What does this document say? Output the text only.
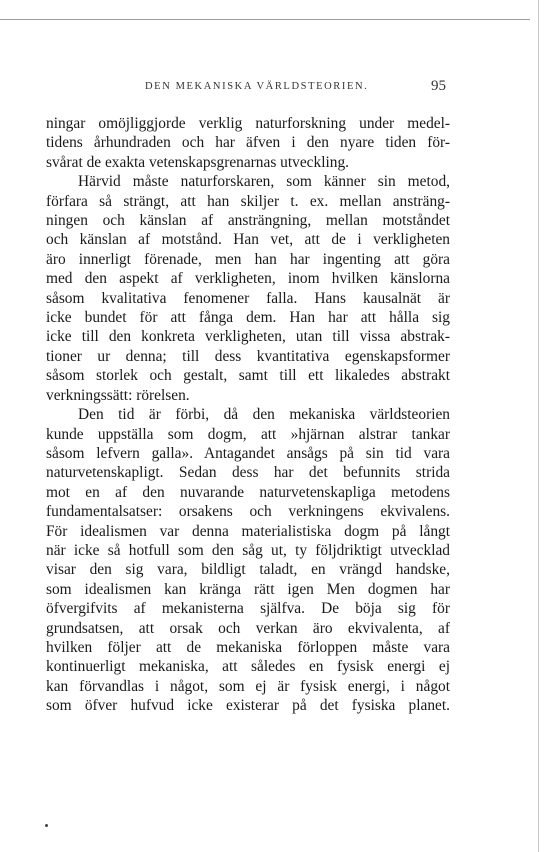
DEN MEKANISKA VÄRLDSTEORIEN.	95
ningar omöjliggjorde verklig naturforskning under medel-
tidens århundraden och har äfven i den nyare tiden för-
svårat de exakta vetenskapsgrenarnas utveckling.
Härvid måste naturforskaren, som känner sin metod,
förfara så strängt, att han skiljer t. ex. mellan ansträng-
ningen och känslan af ansträngning, mellan motståndet
och känslan af motstånd. Han vet, att de i verkligheten
äro innerligt förenade, men han har ingenting att göra
med den aspekt af verkligheten, inom hvilken känslorna
såsom kvalitativa fenomener falla. Hans kausalnät är
icke bundet för att fånga dem. Han har att hålla sig
icke till den konkreta verkligheten, utan till vissa abstrak-
tioner ur denna; till dess kvantitativa egenskapsformer
såsom storlek och gestalt, samt till ett likaledes abstrakt
verkningssätt: rörelsen.
Den tid är förbi, då den mekaniska världsteorien
kunde uppställa som dogm, att »hjärnan alstrar tankar
såsom lefvern galla». Antagandet ansågs på sin tid vara
naturvetenskapligt. Sedan dess har det befunnits strida
mot en af den nuvarande naturvetenskapliga metodens
fundamentalsatser: orsakens och verkningens ekvivalens.
För idealismen var denna materialistiska dogm på långt
när icke så hotfull som den såg ut, ty följdriktigt utvecklad
visar den sig vara, bildligt taladt, en vrängd handske,
som idealismen kan kränga rätt igen Men dogmen har
öfvergifvits af mekanisterna själfva. De böja sig för
grundsatsen, att orsak och verkan äro ekvivalenta, af
hvilken följer att de mekaniska förloppen måste vara
kontinuerligt mekaniska, att således en fysisk energi ej
kan förvandlas i något, som ej är fysisk energi, i något
som öfver hufvud icke existerar på det fysiska planet.
